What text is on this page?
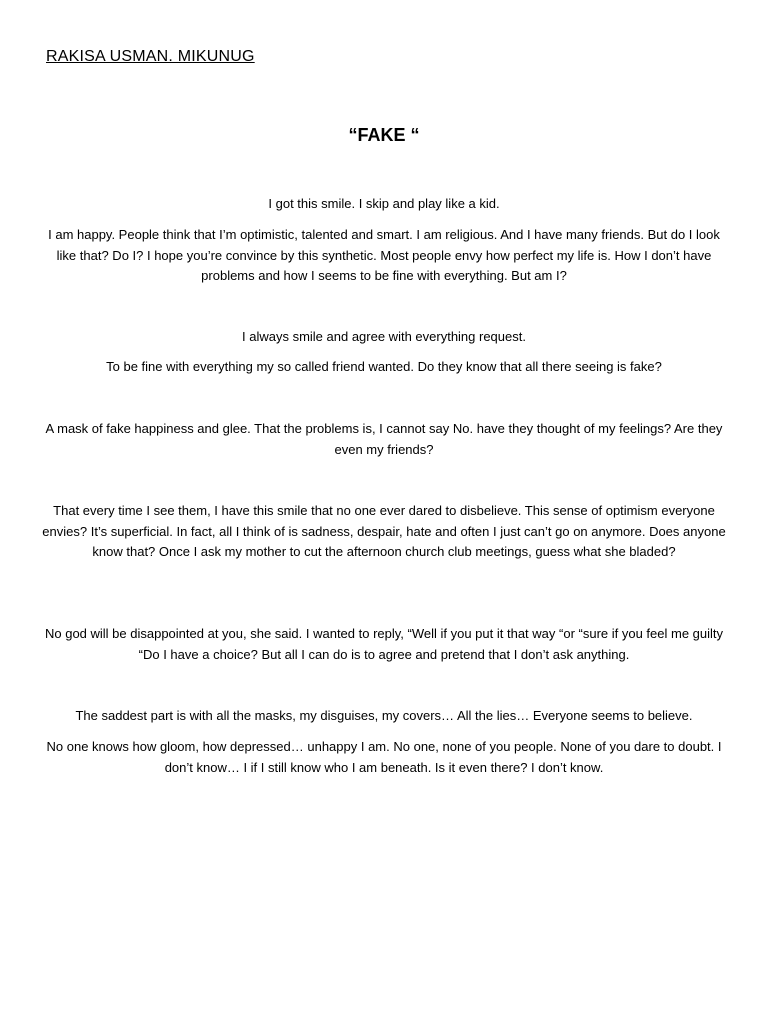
RAKISA USMAN. MIKUNUG
“FAKE “

I got this smile. I skip and play like a kid.

I am happy. People think that I’m optimistic, talented and smart. I am religious. And I have many friends. But do I look like that? Do I? I hope you’re convince by this synthetic. Most people envy how perfect my life is. How I don’t have problems and how I seems to be fine with everything. But am I?

I always smile and agree with everything request.

To be fine with everything my so called friend wanted. Do they know that all there seeing is fake?

A mask of fake happiness and glee. That the problems is, I cannot say No. have they thought of my feelings? Are they even my friends?

That every time I see them, I have this smile that no one ever dared to disbelieve. This sense of optimism everyone envies? It’s superficial. In fact, all I think of is sadness, despair, hate and often I just can’t go on anymore. Does anyone know that? Once I ask my mother to cut the afternoon church club meetings, guess what she bladed?

No god will be disappointed at you, she said. I wanted to reply, “Well if you put it that way “or “sure if you feel me guilty “Do I have a choice? But all I can do is to agree and pretend that I don’t ask anything.

The saddest part is with all the masks, my disguises, my covers… All the lies… Everyone seems to believe.

No one knows how gloom, how depressed… unhappy I am. No one, none of you people. None of you dare to doubt. I don’t know… I if I still know who I am beneath. Is it even there? I don’t know.
